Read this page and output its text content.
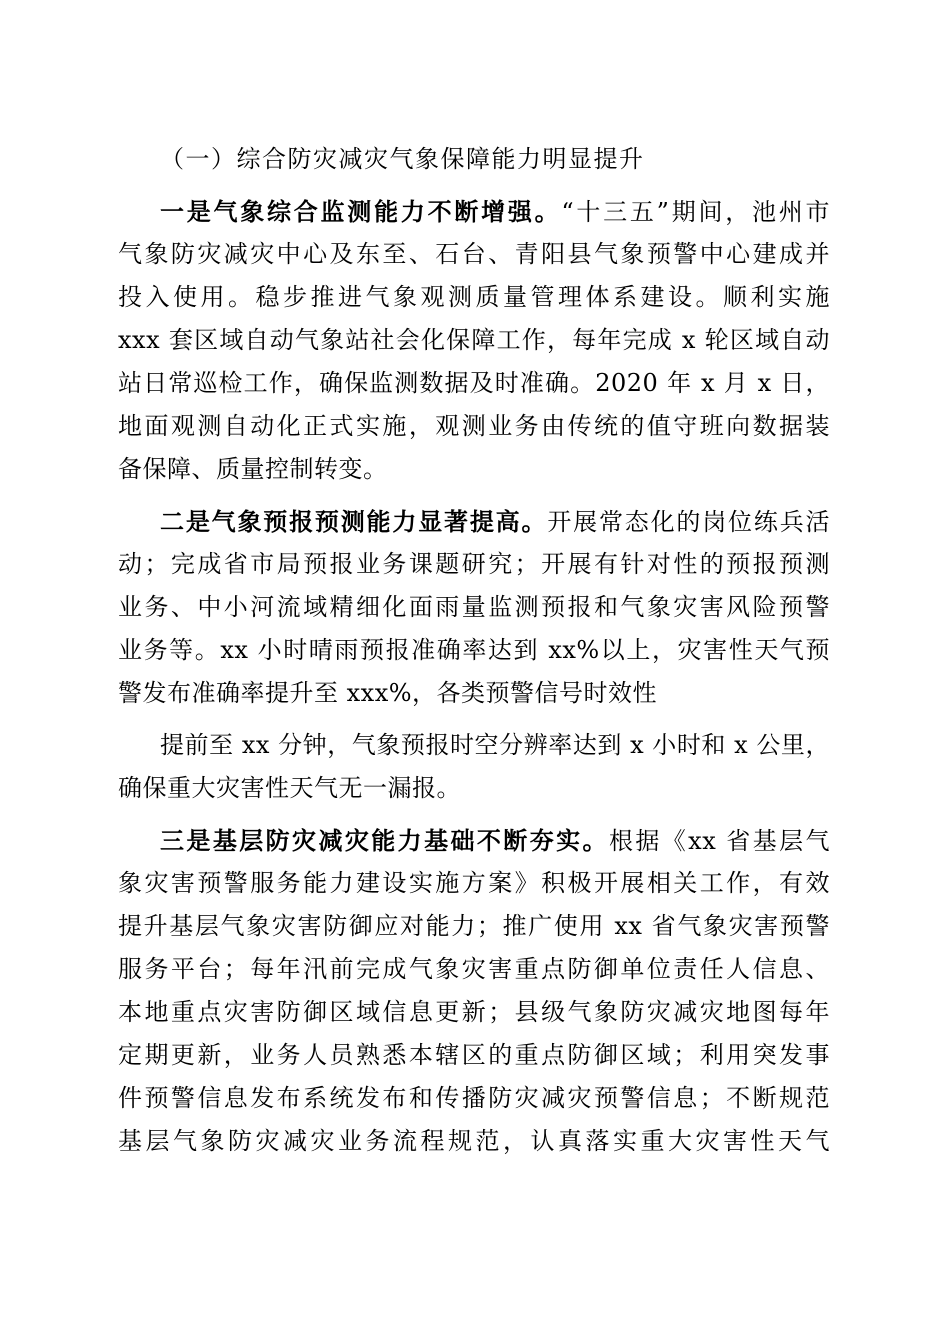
（一）综合防灾减灾气象保障能力明显提升
一是气象综合监测能力不断增强。“十三五”期间，池州市
气象防灾减灾中心及东至、石台、青阳县气象预警中心建成并
投入使用。稳步推进气象观测质量管理体系建设。顺利实施
xxx 套区域自动气象站社会化保障工作，每年完成 x 轮区域自动
站日常巡检工作，确保监测数据及时准确。2020 年 x 月 x 日，
地面观测自动化正式实施，观测业务由传统的值守班向数据装
备保障、质量控制转变。
二是气象预报预测能力显著提高。开展常态化的岗位练兵活
动；完成省市局预报业务课题研究；开展有针对性的预报预测
业务、中小河流域精细化面雨量监测预报和气象灾害风险预警
业务等。xx 小时晴雨预报准确率达到 xx%以上，灾害性天气预
警发布准确率提升至 xxx%，各类预警信号时效性
提前至 xx 分钟，气象预报时空分辨率达到 x 小时和 x 公里，
确保重大灾害性天气无一漏报。
三是基层防灾减灾能力基础不断夯实。根据《xx 省基层气
象灾害预警服务能力建设实施方案》积极开展相关工作，有效
提升基层气象灾害防御应对能力；推广使用 xx 省气象灾害预警
服务平台；每年汛前完成气象灾害重点防御单位责任人信息、
本地重点灾害防御区域信息更新；县级气象防灾减灾地图每年
定期更新，业务人员熟悉本辖区的重点防御区域；利用突发事
件预警信息发布系统发布和传播防灾减灾预警信息；不断规范
基层气象防灾减灾业务流程规范，认真落实重大灾害性天气
